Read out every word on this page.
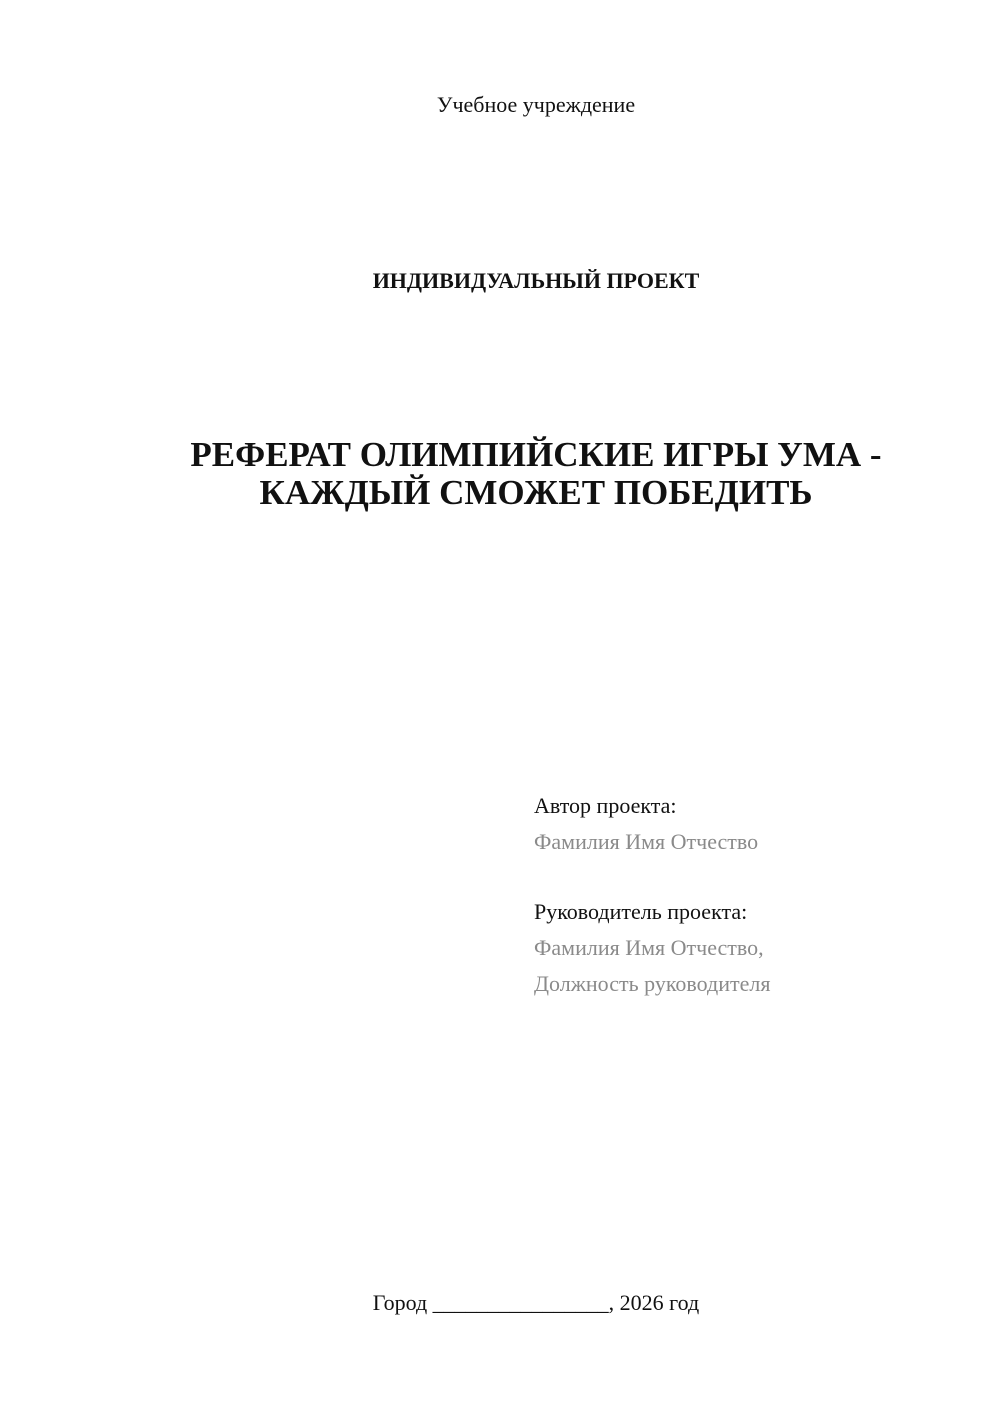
Учебное учреждение
ИНДИВИДУАЛЬНЫЙ ПРОЕКТ
РЕФЕРАТ ОЛИМПИЙСКИЕ ИГРЫ УМА -
КАЖДЫЙ СМОЖЕТ ПОБЕДИТЬ
Автор проекта:
Фамилия Имя Отчество
Руководитель проекта:
Фамилия Имя Отчество,
Должность руководителя
Город ________________, 2026 год
